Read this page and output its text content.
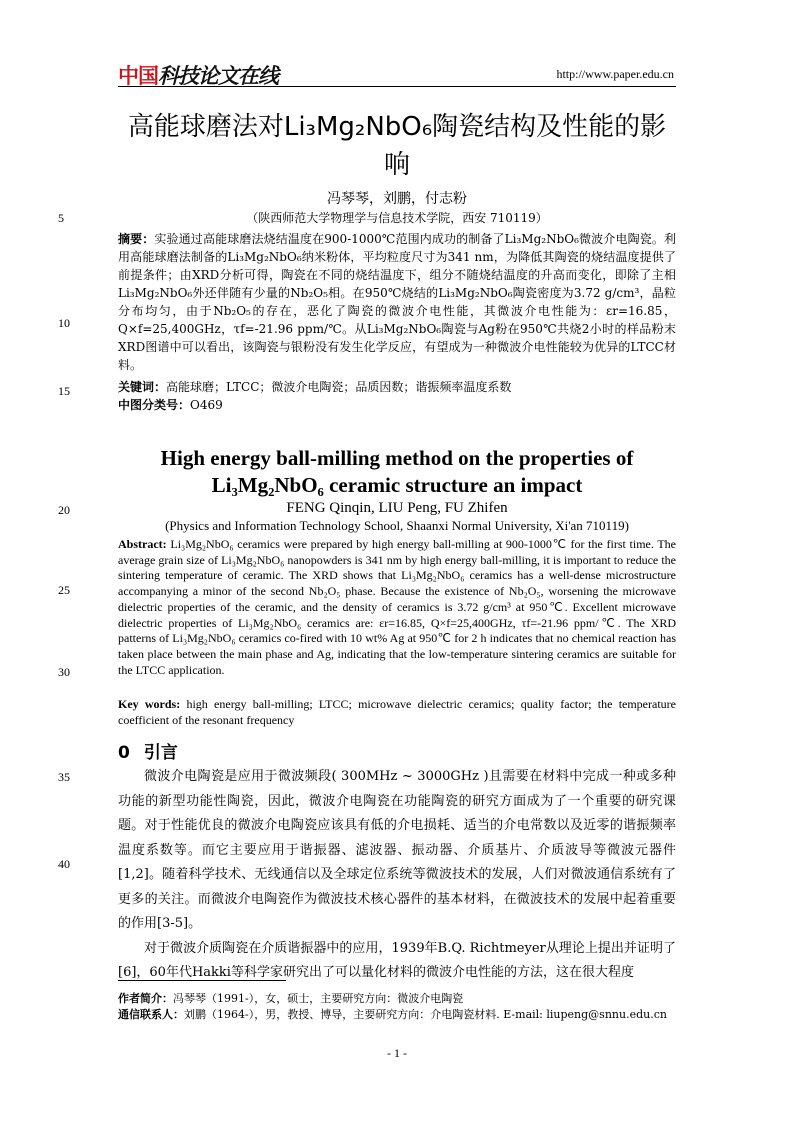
中国科技论文在线	http://www.paper.edu.cn
高能球磨法对Li₃Mg₂NbO₆陶瓷结构及性能的影响
冯琴琴，刘鹏，付志粉
（陕西师范大学物理学与信息技术学院，西安 710119）
5
10
15
20
25
30
35
40
摘要：实验通过高能球磨法烧结温度在900-1000℃范围内成功的制备了Li₃Mg₂NbO₆微波介电陶瓷。利用高能球磨法制备的Li₃Mg₂NbO₆纳米粉体，平均粒度尺寸为341 nm，为降低其陶瓷的烧结温度提供了前提条件；由XRD分析可得，陶瓷在不同的烧结温度下，组分不随烧结温度的升高而变化，即除了主相Li₃Mg₂NbO₆外还伴随有少量的Nb₂O₅相。在950℃烧结的Li₃Mg₂NbO₆陶瓷密度为3.72 g/cm³，晶粒分布均匀，由于Nb₂O₅的存在，恶化了陶瓷的微波介电性能，其微波介电性能为：εr=16.85，Q×f=25,400GHz，τf=-21.96 ppm/℃。从Li₃Mg₂NbO₆陶瓷与Ag粉在950℃共烧2小时的样品粉末XRD图谱中可以看出，该陶瓷与银粉没有发生化学反应，有望成为一种微波介电性能较为优异的LTCC材料。
关键词：高能球磨；LTCC；微波介电陶瓷；品质因数；谐振频率温度系数
中图分类号：O469
High energy ball-milling method on the properties of Li₃Mg₂NbO₆ ceramic structure an impact
FENG Qinqin, LIU Peng, FU Zhifen
(Physics and Information Technology School, Shaanxi Normal University, Xi'an 710119)
Abstract: Li₃Mg₂NbO₆ ceramics were prepared by high energy ball-milling at 900-1000℃ for the first time. The average grain size of Li₃Mg₂NbO₆ nanopowders is 341 nm by high energy ball-milling, it is important to reduce the sintering temperature of ceramic. The XRD shows that Li₃Mg₂NbO₆ ceramics has a well-dense microstructure accompanying a minor of the second Nb₂O₅ phase. Because the existence of Nb₂O₅, worsening the microwave dielectric properties of the ceramic, and the density of ceramics is 3.72 g/cm³ at 950℃. Excellent microwave dielectric properties of Li₃Mg₂NbO₆ ceramics are: εr=16.85, Q×f=25,400GHz, τf=-21.96 ppm/℃. The XRD patterns of Li₃Mg₂NbO₆ ceramics co-fired with 10 wt% Ag at 950℃ for 2 h indicates that no chemical reaction has taken place between the main phase and Ag, indicating that the low-temperature sintering ceramics are suitable for the LTCC application.
Key words: high energy ball-milling; LTCC; microwave dielectric ceramics; quality factor; the temperature coefficient of the resonant frequency
0 引言

微波介电陶瓷是应用于微波频段( 300MHz ~ 3000GHz )且需要在材料中完成一种或多种功能的新型功能性陶瓷，因此，微波介电陶瓷在功能陶瓷的研究方面成为了一个重要的研究课题。对于性能优良的微波介电陶瓷应该具有低的介电损耗、适当的介电常数以及近零的谐振频率温度系数等。而它主要应用于谐振器、滤波器、振动器、介质基片、介质波导等微波元器件[1,2]。随着科学技术、无线通信以及全球定位系统等微波技术的发展，人们对微波通信系统有了更多的关注。而微波介电陶瓷作为微波技术核心器件的基本材料，在微波技术的发展中起着重要的作用[3-5]。

对于微波介质陶瓷在介质谐振器中的应用，1939年B.Q. Richtmeyer从理论上提出并证明了[6]，60年代Hakki等科学家研究出了可以量化材料的微波介电性能的方法，这在很大程度

作者简介：冯琴琴（1991-），女，硕士，主要研究方向：微波介电陶瓷
通信联系人：刘鹏（1964-），男，教授、博导，主要研究方向：介电陶瓷材料. E-mail: liupeng@snnu.edu.cn
- 1 -
